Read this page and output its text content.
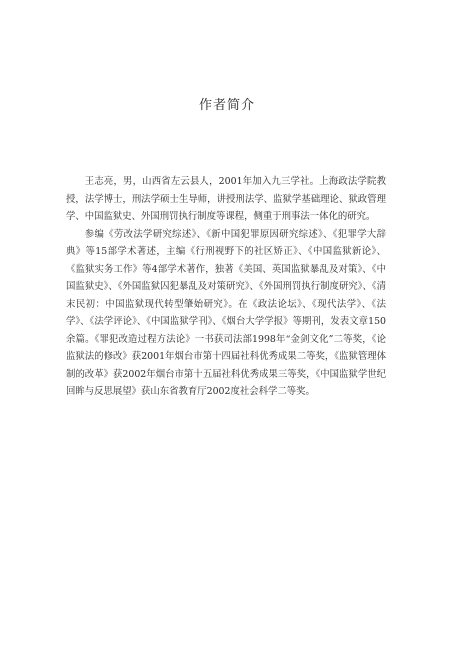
作者简介

王志亮，男，山西省左云县人，2001年加入九三学社。上海政法学院教授，法学博士，刑法学硕士生导师，讲授刑法学、监狱学基础理论、狱政管理学、中国监狱史、外国刑罚执行制度等课程，侧重于刑事法一体化的研究。

参编《劳改法学研究综述》、《新中国犯罪原因研究综述》、《犯罪学大辞典》等15部学术著述，主编《行刑视野下的社区矫正》、《中国监狱新论》、《监狱实务工作》等4部学术著作，独著《美国、英国监狱暴乱及对策》、《中国监狱史》、《外国监狱囚犯暴乱及对策研究》、《外国刑罚执行制度研究》、《清末民初：中国监狱现代转型肇始研究》。在《政法论坛》、《现代法学》、《法学》、《法学评论》、《中国监狱学刊》、《烟台大学学报》等期刊，发表文章150余篇。《罪犯改造过程方法论》一书获司法部1998年“金剑文化”二等奖，《论监狱法的修改》获2001年烟台市第十四届社科优秀成果二等奖，《监狱管理体制的改革》获2002年烟台市第十五届社科优秀成果三等奖，《中国监狱学世纪回眸与反思展望》获山东省教育厅2002度社会科学二等奖。
